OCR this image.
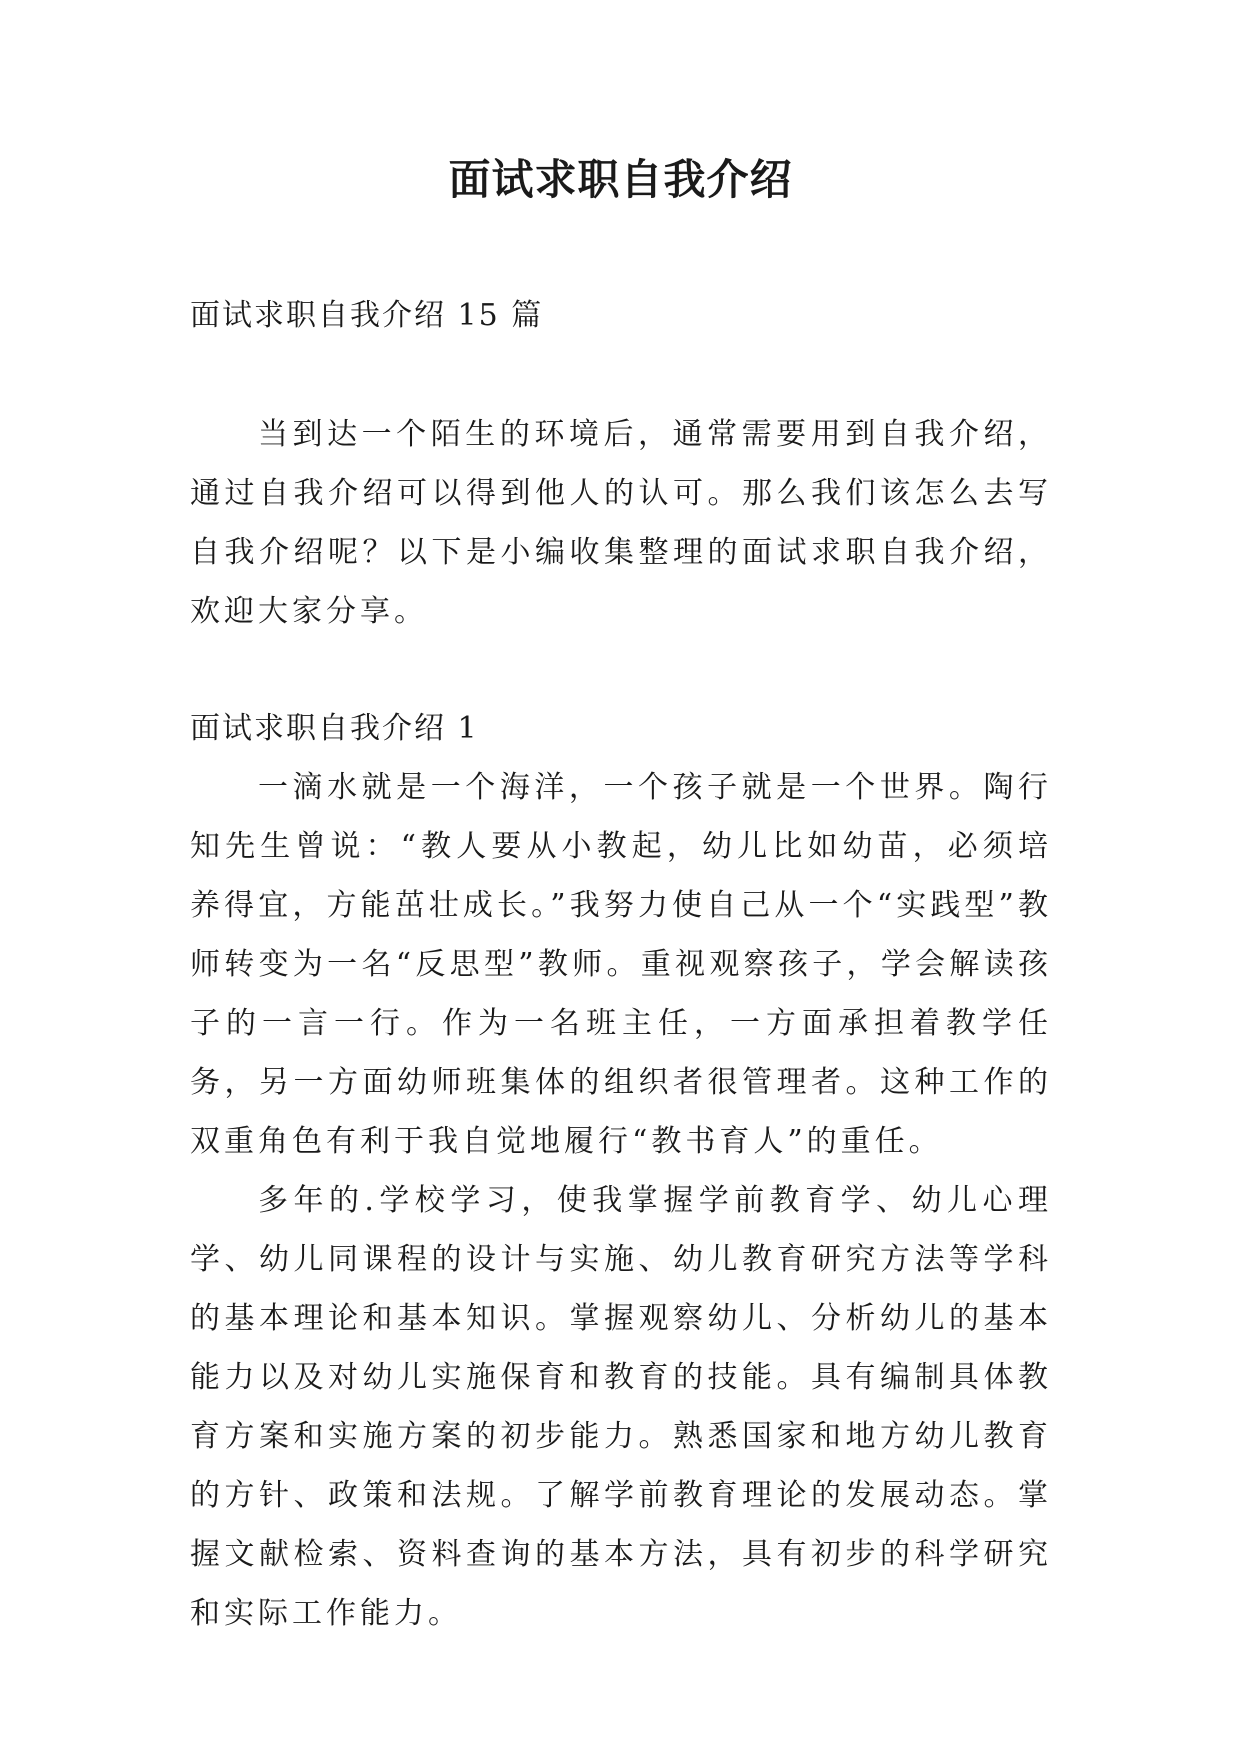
面试求职自我介绍

面试求职自我介绍 15 篇

当到达一个陌生的环境后，通常需要用到自我介绍，通过自我介绍可以得到他人的认可。那么我们该怎么去写自我介绍呢？以下是小编收集整理的面试求职自我介绍，欢迎大家分享。

面试求职自我介绍 1

一滴水就是一个海洋，一个孩子就是一个世界。陶行知先生曾说：“教人要从小教起，幼儿比如幼苗，必须培养得宜，方能茁壮成长。”我努力使自己从一个“实践型”教师转变为一名“反思型”教师。重视观察孩子，学会解读孩子的一言一行。作为一名班主任，一方面承担着教学任务，另一方面幼师班集体的组织者很管理者。这种工作的双重角色有利于我自觉地履行“教书育人”的重任。

多年的.学校学习，使我掌握学前教育学、幼儿心理学、幼儿同课程的设计与实施、幼儿教育研究方法等学科的基本理论和基本知识。掌握观察幼儿、分析幼儿的基本能力以及对幼儿实施保育和教育的技能。具有编制具体教育方案和实施方案的初步能力。熟悉国家和地方幼儿教育的方针、政策和法规。了解学前教育理论的发展动态。掌握文献检索、资料查询的基本方法，具有初步的科学研究和实际工作能力。
